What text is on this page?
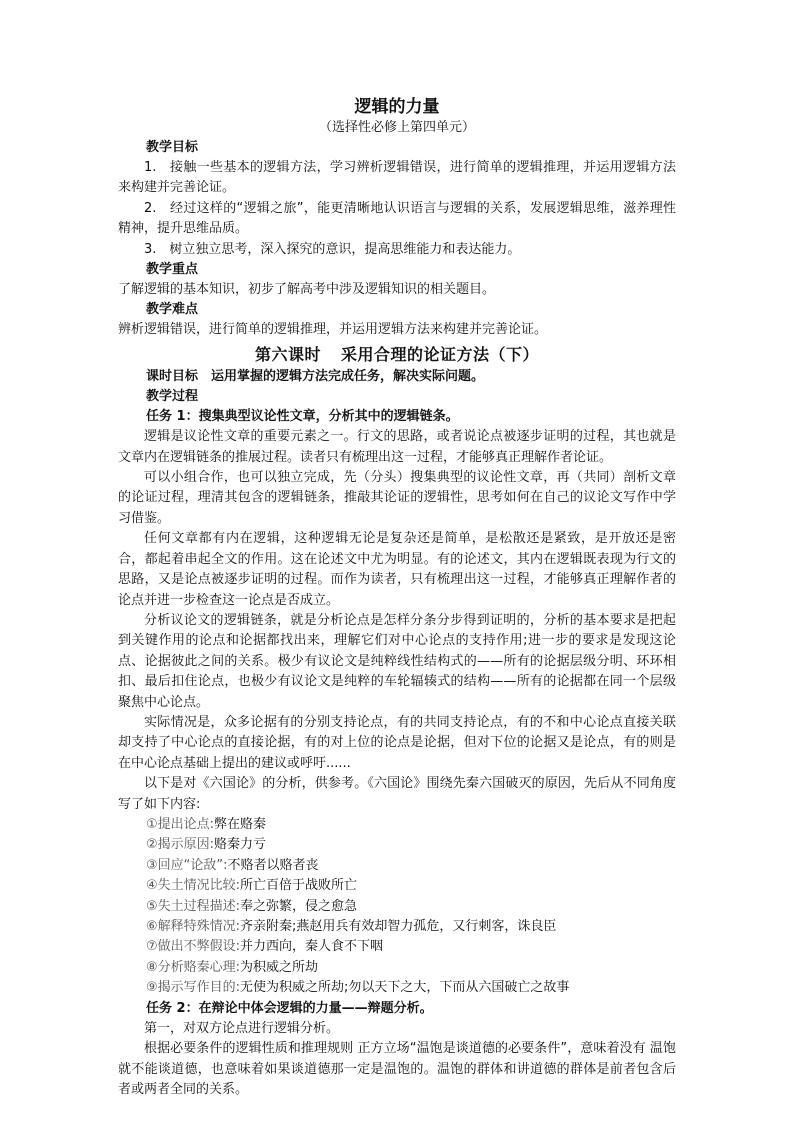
逻辑的力量

（选择性必修上第四单元）

教学目标

1.　接触一些基本的逻辑方法，学习辨析逻辑错误，进行简单的逻辑推理，并运用逻辑方法来构建并完善论证。

2.　经过这样的“逻辑之旅”，能更清晰地认识语言与逻辑的关系，发展逻辑思维，滋养理性精神，提升思维品质。

3.　树立独立思考，深入探究的意识，提高思维能力和表达能力。

教学重点

了解逻辑的基本知识，初步了解高考中涉及逻辑知识的相关题目。

教学难点

辨析逻辑错误，进行简单的逻辑推理，并运用逻辑方法来构建并完善论证。

第六课时 采用合理的论证方法（下）

课时目标　运用掌握的逻辑方法完成任务，解决实际问题。

教学过程

任务 1：搜集典型议论性文章，分析其中的逻辑链条。

逻辑是议论性文章的重要元素之一。行文的思路，或者说论点被逐步证明的过程，其也就是文章内在逻辑链条的推展过程。读者只有梳理出这一过程，才能够真正理解作者论证。

可以小组合作，也可以独立完成，先（分头）搜集典型的议论性文章，再（共同）剖析文章的论证过程，理清其包含的逻辑链条，推敲其论证的逻辑性，思考如何在自己的议论文写作中学习借鉴。

任何文章都有内在逻辑，这种逻辑无论是复杂还是简单，是松散还是紧致，是开放还是密合，都起着串起全文的作用。这在论述文中尤为明显。有的论述文，其内在逻辑既表现为行文的思路，又是论点被逐步证明的过程。而作为读者，只有梳理出这一过程，才能够真正理解作者的论点并进一步检查这一论点是否成立。

分析议论文的逻辑链条，就是分析论点是怎样分条分步得到证明的，分析的基本要求是把起到关键作用的论点和论据都找出来，理解它们对中心论点的支持作用;进一步的要求是发现这论点、论据彼此之间的关系。极少有议论文是纯粹线性结构式的——所有的论据层级分明、环环相扣、最后扣住论点，也极少有议论文是纯粹的车轮辐辏式的结构——所有的论据都在同一个层级聚焦中心论点。

实际情况是，众多论据有的分别支持论点，有的共同支持论点，有的不和中心论点直接关联却支持了中心论点的直接论据，有的对上位的论点是论据，但对下位的论据又是论点，有的则是在中心论点基础上提出的建议或呼吁......

以下是对《六国论》的分析，供参考。《六国论》围绕先秦六国破灭的原因，先后从不同角度写了如下内容:

①提出论点:弊在赂秦

②揭示原因:赂秦力亏

③回应“论敌”:不赂者以赂者丧

④失土情况比较:所亡百倍于战败所亡

⑤失土过程描述:奉之弥繁，侵之愈急

⑥解释特殊情况:齐亲附秦;燕赵用兵有效却智力孤危，又行刺客，诛良臣

⑦做出不弊假设:并力西向，秦人食不下咽

⑧分析赂秦心理:为积威之所劫

⑨揭示写作目的:无使为积威之所劫;勿以天下之大，下而从六国破亡之故事

任务 2：在辩论中体会逻辑的力量——辩题分析。

第一，对双方论点进行逻辑分析。

根据必要条件的逻辑性质和推理规则 正方立场“温饱是谈道德的必要条件”，意味着没有 温饱就不能谈道德，也意味着如果谈道德那一定是温饱的。温饱的群体和讲道德的群体是前者包含后者或两者全同的关系。
